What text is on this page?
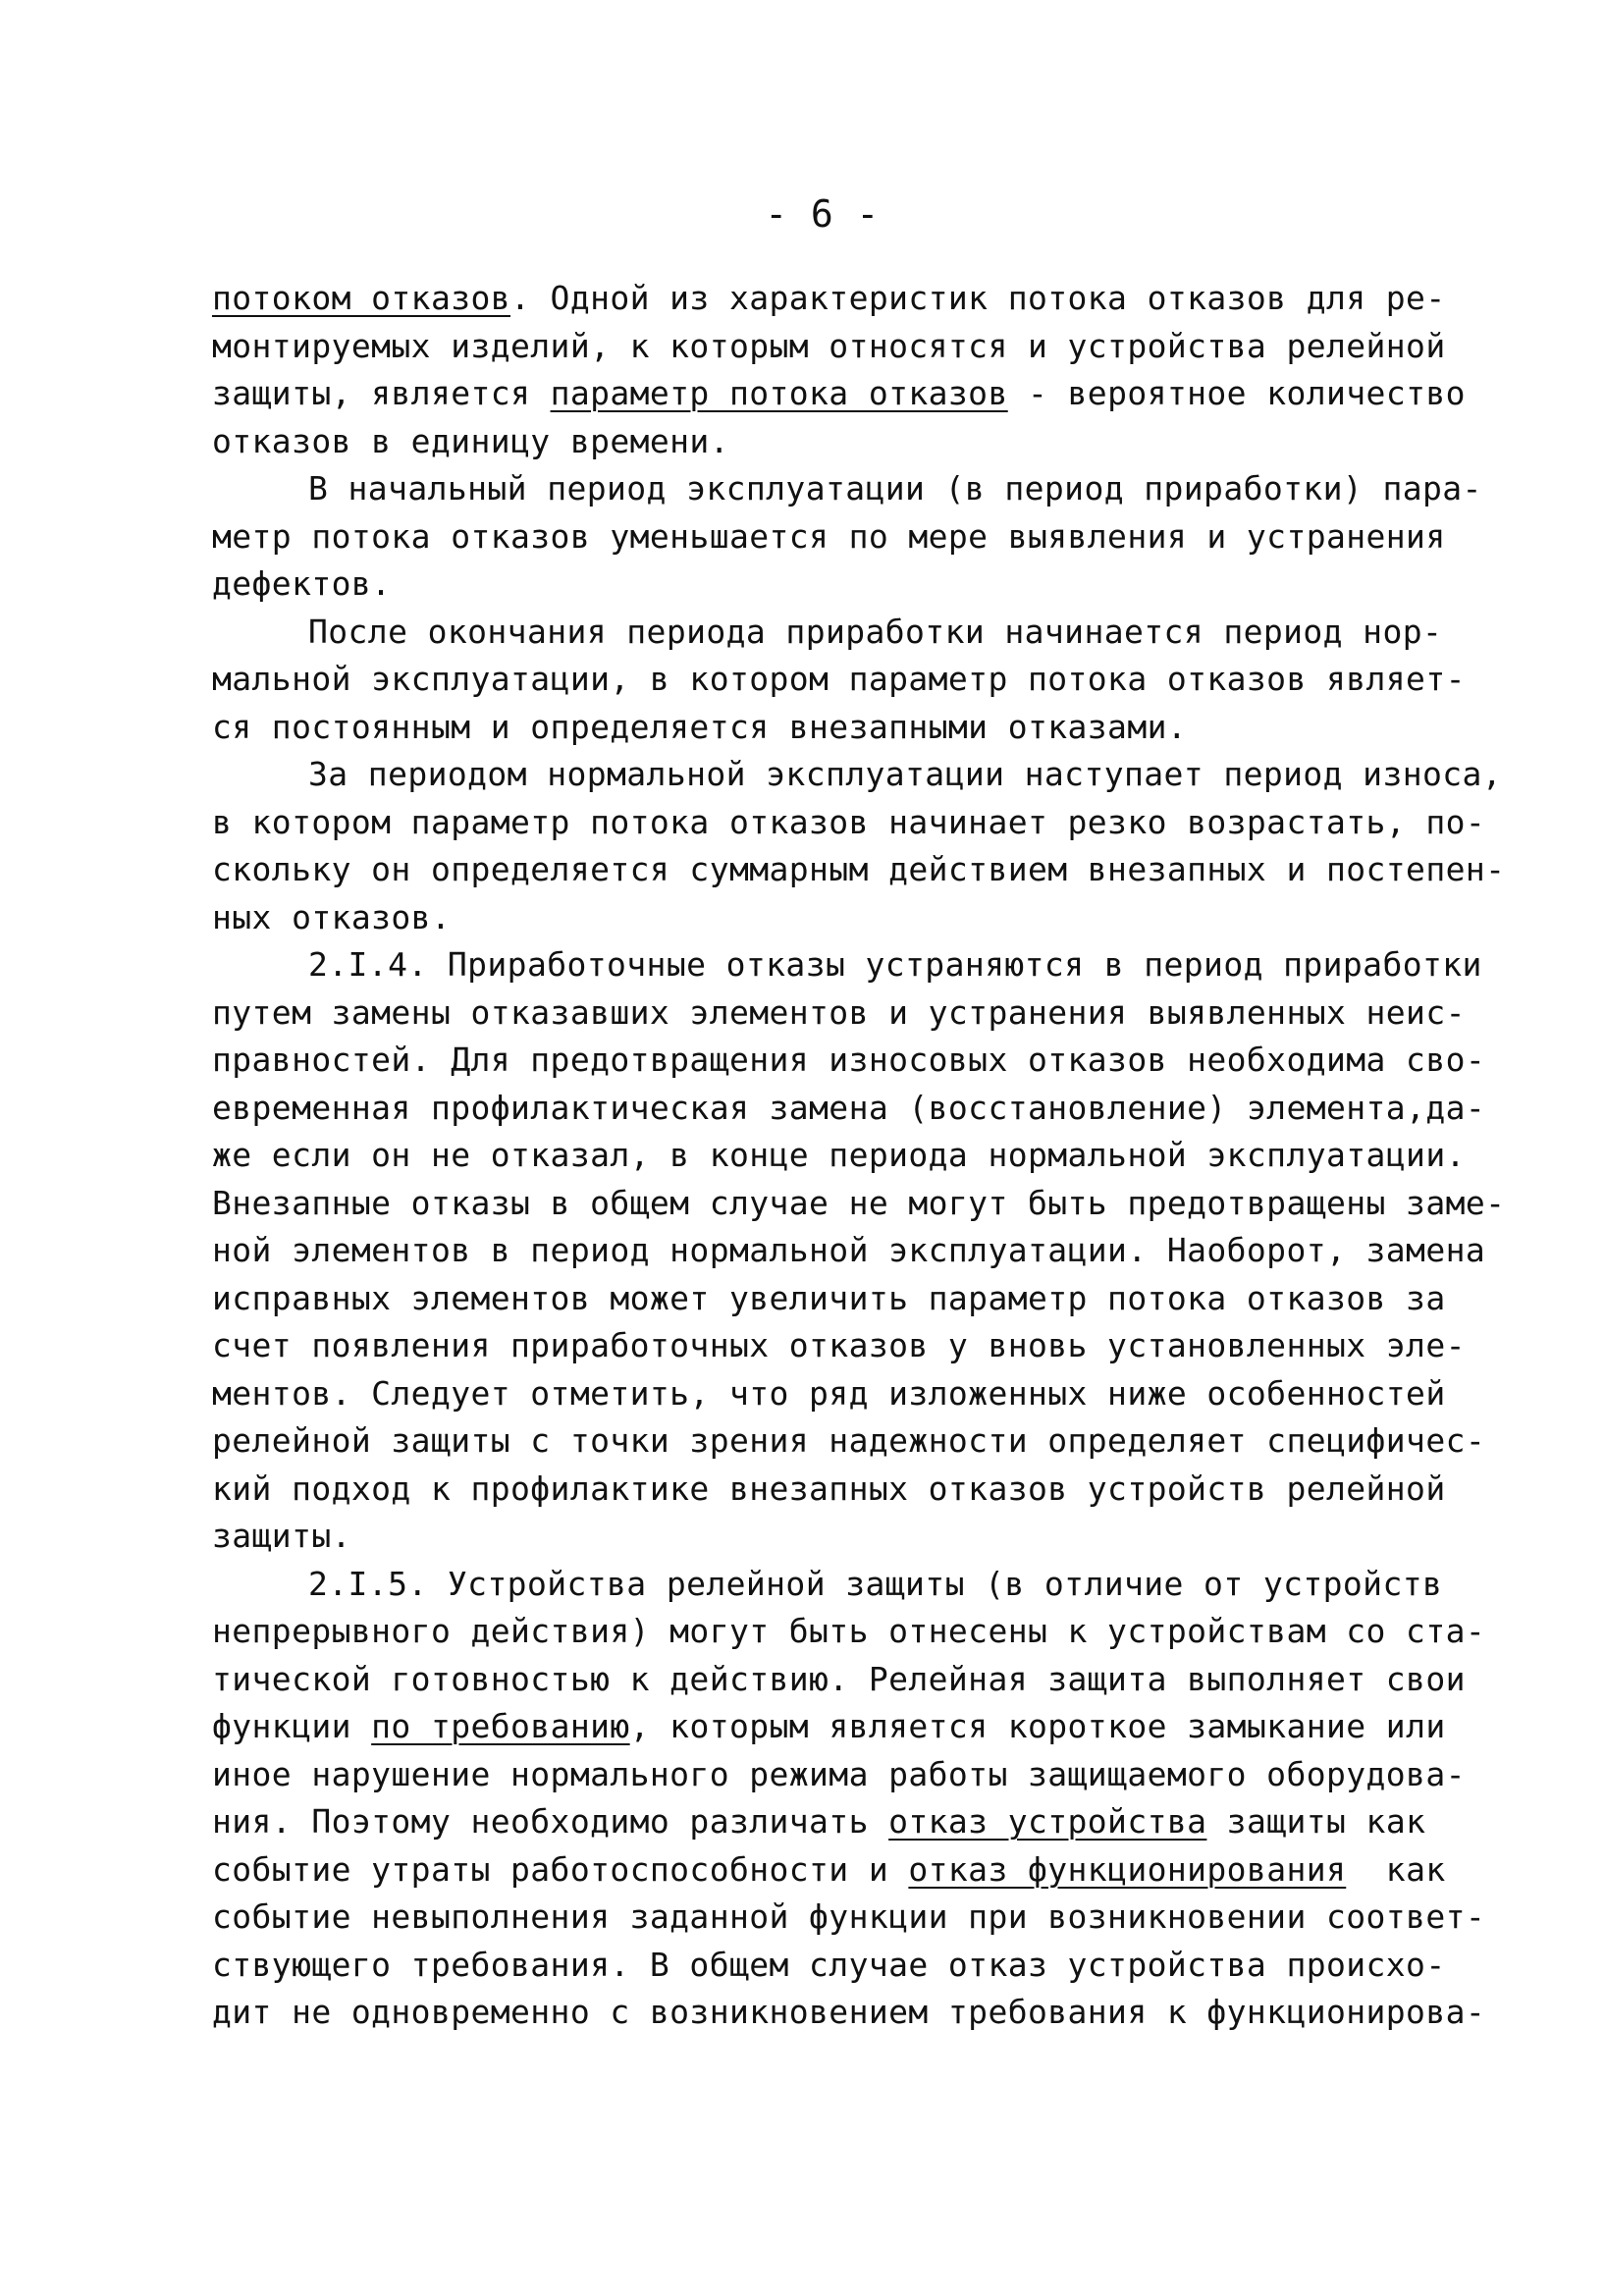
- 6 -
потоком отказов. Одной из характеристик потока отказов для ре-
монтируемых изделий, к которым относятся и устройства релейной
защиты, является параметр потока отказов - вероятное количество
отказов в единицу времени.
В начальный период эксплуатации (в период приработки) пара-
метр потока отказов уменьшается по мере выявления и устранения
дефектов.
После окончания периода приработки начинается период нор-
мальной эксплуатации, в котором параметр потока отказов являет-
ся постоянным и определяется внезапными отказами.
За периодом нормальной эксплуатации наступает период износа,
в котором параметр потока отказов начинает резко возрастать, по-
скольку он определяется суммарным действием внезапных и постепен-
ных отказов.
2.I.4. Приработочные отказы устраняются в период приработки
путем замены отказавших элементов и устранения выявленных неис-
правностей. Для предотвращения износовых отказов необходима сво-
евременная профилактическая замена (восстановление) элемента,да-
же если он не отказал, в конце периода нормальной эксплуатации.
Внезапные отказы в общем случае не могут быть предотвращены заме-
ной элементов в период нормальной эксплуатации. Наоборот, замена
исправных элементов может увеличить параметр потока отказов за
счет появления приработочных отказов у вновь установленных эле-
ментов. Следует отметить, что ряд изложенных ниже особенностей
релейной защиты с точки зрения надежности определяет специфичес-
кий подход к профилактике внезапных отказов устройств релейной
защиты.
2.I.5. Устройства релейной защиты (в отличие от устройств
непрерывного действия) могут быть отнесены к устройствам со ста-
тической готовностью к действию. Релейная защита выполняет свои
функции по требованию, которым является короткое замыкание или
иное нарушение нормального режима работы защищаемого оборудова-
ния. Поэтому необходимо различать отказ устройства защиты как
событие утраты работоспособности и отказ функционирования  как
событие невыполнения заданной функции при возникновении соответ-
ствующего требования. В общем случае отказ устройства происхо-
дит не одновременно с возникновением требования к функционирова-
